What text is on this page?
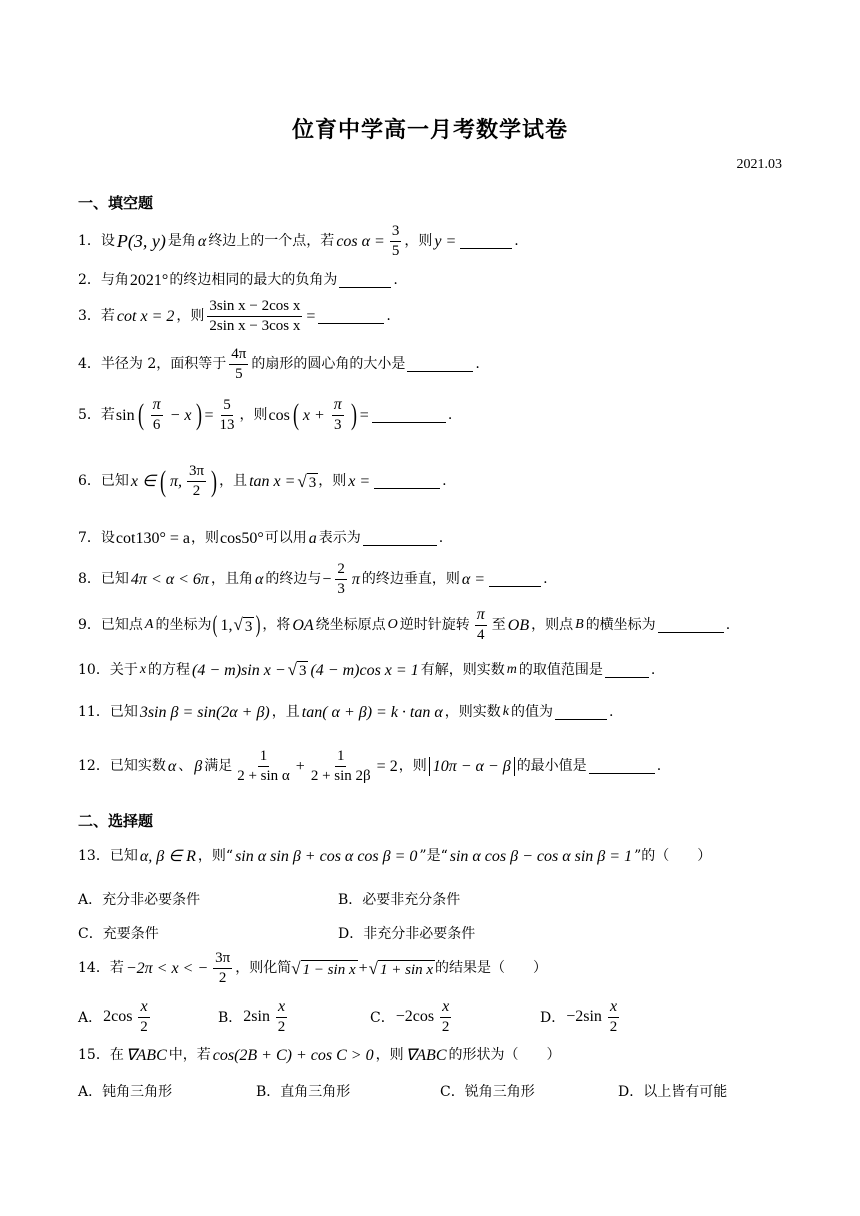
位育中学高一月考数学试卷
2021.03
一、填空题
1． 设 P(3, y) 是角 α 终边上的一个点，若 $\cos \alpha = \frac{3}{5}$ ，则 y =	.
2． 与角 2021° 的终边相同的最大的负角为	.
3． 若 cot x = 2 ，则 $\frac{\text{3sin x − 2cos x}}{\text{2sin x − 3cos x}}$ =	.
4． 半径为 2，面积等于 $\frac{4\pi}{5}$ 的扇形的圆心角的大小是	.
5． 若 sin ( $\frac{\pi}{6} - x$ ) = $\frac{5}{13}$ ，则 cos ( $x + \frac{\pi}{3}$ ) =	.
6． 已知 x ∈ ( π, $\frac{3\pi}{2}$ ) ，且 tan x = √ 3 ，则 x =	.
7． 设 cot130° = a ，则 cos50° 可以用 a 表示为	.
8． 已知 4π < α < 6π ，且角 α 的终边与 − $\frac{2}{3}$ π 的终边垂直，则 α =	.
9． 已知点 A 的坐标为 ( 1, √ 3 ) ，将 OA 绕坐标原点 O 逆时针旋转 $\frac{\pi}{4}$ 至 OB ，则点 B 的横坐标为	.
10． 关于 x 的方程 (4 − m)sin x − √ 3 (4 − m)cos x = 1 有解，则实数 m 的取值范围是	.
11． 已知 3sin β = sin(2α + β) ，且 tan( α + β) = k · tan α ，则实数 k 的值为	.
12． 已知实数 α 、 β 满足 $\frac{1}{\text{2 + sin α}} + \frac{1}{2 + \sin 2\beta} = 2$ ，则 10π − α − β 的最小值是	.
二、选择题
13． 已知 α, β ∈ R ，则“ sin α sin β + cos α cos β = 0 ”是“ sin α cos β − cos α sin β = 1 ”的（　　）
A．充分非必要条件	B．必要非充分条件
C．充要条件	D．非充分非必要条件
14． 若 −2π < x < − $\frac{3\pi}{2}$ ，则化简 √ 1 − sin x + √ 1 + sin x 的结果是（　　）
A． $2\cos \frac{x}{2}$	B． $2\sin \frac{x}{2}$	C． $-2\cos \frac{x}{2}$	D． $-2\sin \frac{x}{2}$
15． 在 ∇ABC 中，若 cos(2B + C) + cos C > 0 ，则 ∇ABC 的形状为（　　）
A．钝角三角形	B．直角三角形	C．锐角三角形	D．以上皆有可能
